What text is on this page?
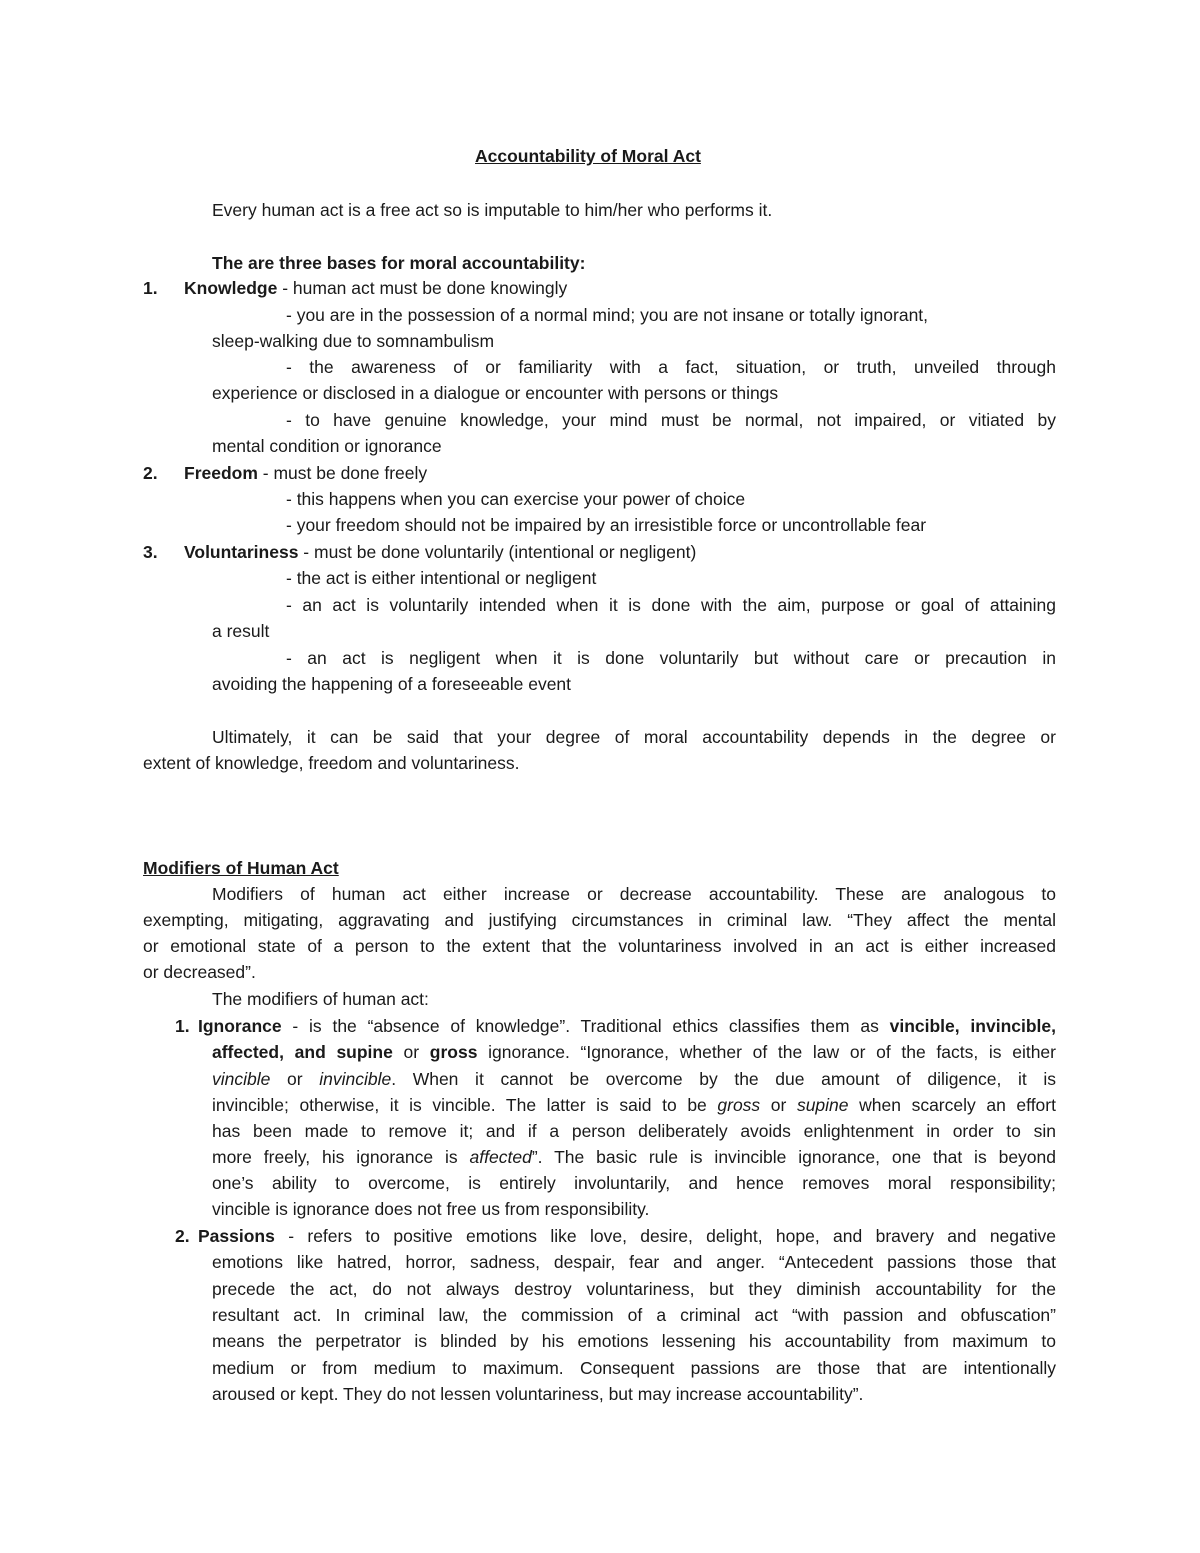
Accountability of Moral Act
Every human act is a free act so is imputable to him/her who performs it.
The are three bases for moral accountability:
1. Knowledge - human act must be done knowingly
- you are in the possession of a normal mind; you are not insane or totally ignorant,
sleep-walking due to somnambulism
- the awareness of or familiarity with a fact, situation, or truth, unveiled through
experience or disclosed in a dialogue or encounter with persons or things
- to have genuine knowledge, your mind must be normal, not impaired, or vitiated by
mental condition or ignorance
2. Freedom - must be done freely
- this happens when you can exercise your power of choice
- your freedom should not be impaired by an irresistible force or uncontrollable fear
3. Voluntariness - must be done voluntarily (intentional or negligent)
- the act is either intentional or negligent
- an act is voluntarily intended when it is done with the aim, purpose or goal of attaining
a result
- an act is negligent when it is done voluntarily but without care or precaution in
avoiding the happening of a foreseeable event
Ultimately, it can be said that your degree of moral accountability depends in the degree or
extent of knowledge, freedom and voluntariness.
Modifiers of Human Act
Modifiers of human act either increase or decrease accountability. These are analogous to
exempting, mitigating, aggravating and justifying circumstances in criminal law. “They affect the mental
or emotional state of a person to the extent that the voluntariness involved in an act is either increased
or decreased”.
The modifiers of human act:
1. Ignorance - is the “absence of knowledge”. Traditional ethics classifies them as vincible, invincible,
affected, and supine or gross ignorance. “Ignorance, whether of the law or of the facts, is either
vincible or invincible. When it cannot be overcome by the due amount of diligence, it is
invincible; otherwise, it is vincible. The latter is said to be gross or supine when scarcely an effort
has been made to remove it; and if a person deliberately avoids enlightenment in order to sin
more freely, his ignorance is affected”. The basic rule is invincible ignorance, one that is beyond
one’s ability to overcome, is entirely involuntarily, and hence removes moral responsibility;
vincible is ignorance does not free us from responsibility.
2. Passions - refers to positive emotions like love, desire, delight, hope, and bravery and negative
emotions like hatred, horror, sadness, despair, fear and anger. “Antecedent passions those that
precede the act, do not always destroy voluntariness, but they diminish accountability for the
resultant act. In criminal law, the commission of a criminal act “with passion and obfuscation”
means the perpetrator is blinded by his emotions lessening his accountability from maximum to
medium or from medium to maximum. Consequent passions are those that are intentionally
aroused or kept. They do not lessen voluntariness, but may increase accountability”.
